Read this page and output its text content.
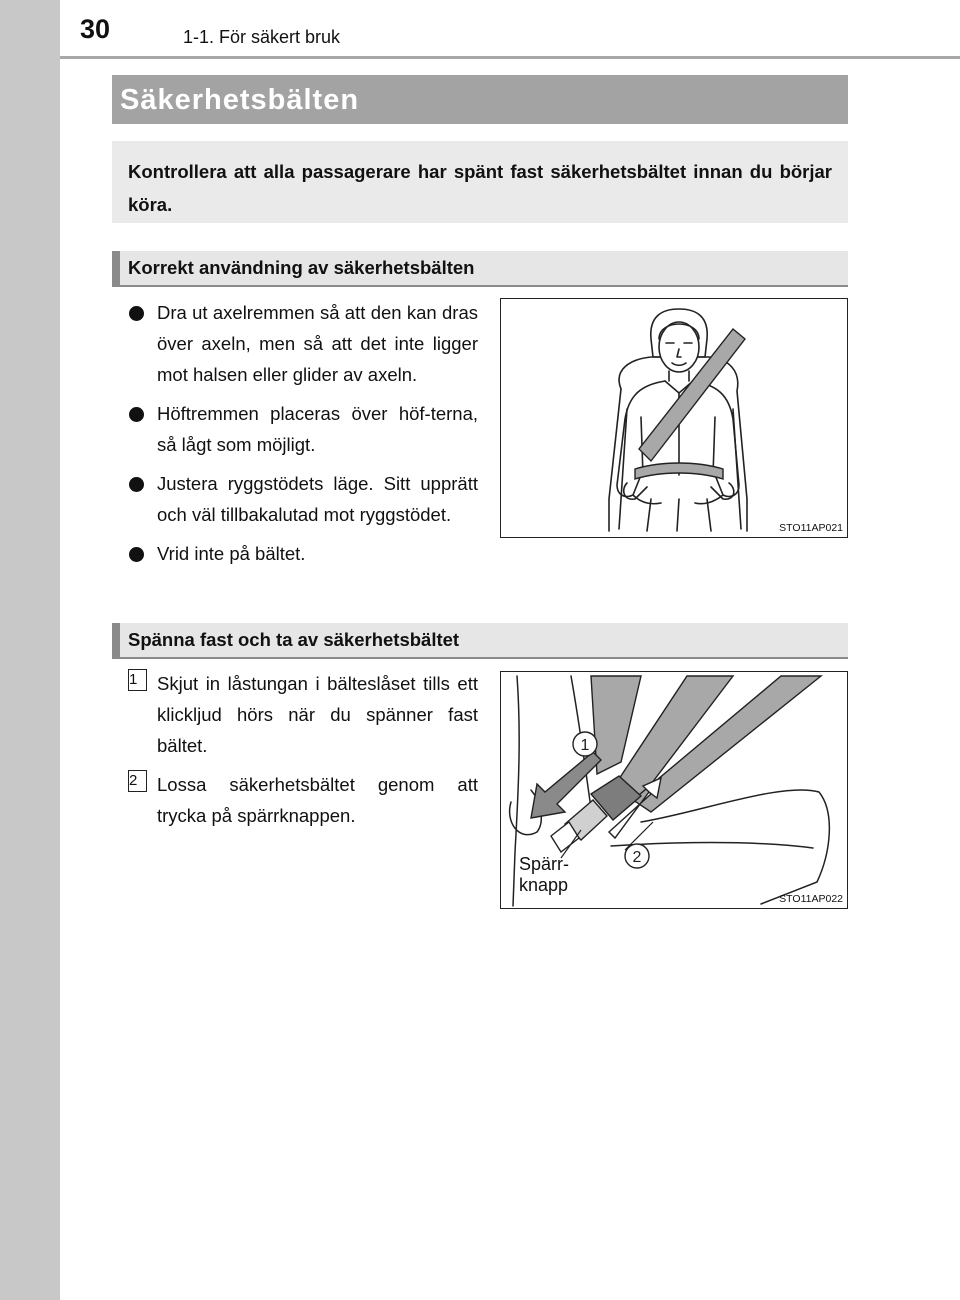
30	1-1. För säkert bruk
Säkerhetsbälten
Kontrollera att alla passagerare har spänt fast säkerhetsbältet innan du börjar köra.
Korrekt användning av säkerhetsbälten
Dra ut axelremmen så att den kan dras över axeln, men så att det inte ligger mot halsen eller glider av axeln.
Höftremmen placeras över höf-terna, så lågt som möjligt.
Justera ryggstödets läge. Sitt upprätt och väl tillbakalutad mot ryggstödet.
Vrid inte på bältet.
STO11AP021
Spänna fast och ta av säkerhetsbältet
1	Skjut in låstungan i bälteslåset tills ett klickljud hörs när du spänner fast bältet.
2	Lossa säkerhetsbältet genom att trycka på spärrknappen.
1
2
Spärr-
knapp
STO11AP022
